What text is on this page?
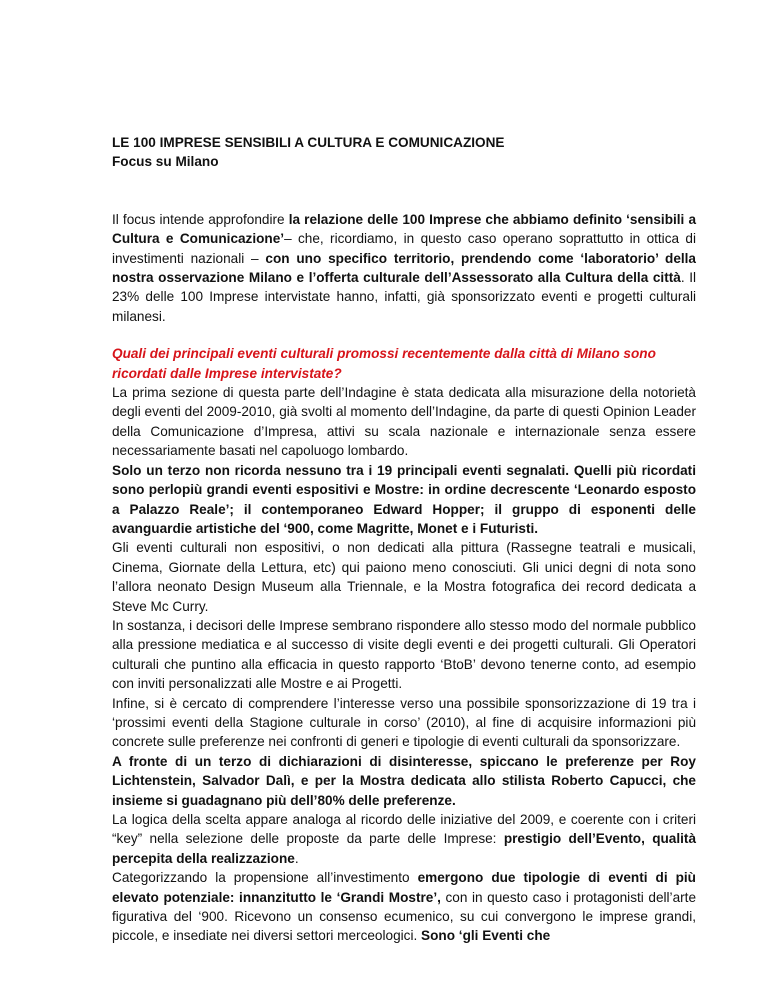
LE 100 IMPRESE SENSIBILI A CULTURA E COMUNICAZIONE
Focus su Milano

Il focus intende approfondire la relazione delle 100 Imprese che abbiamo definito ‘sensibili a Cultura e Comunicazione’– che, ricordiamo, in questo caso operano soprattutto in ottica di investimenti nazionali – con uno specifico territorio, prendendo come ‘laboratorio’ della nostra osservazione Milano e l’offerta culturale dell’Assessorato alla Cultura della città. Il 23% delle 100 Imprese intervistate hanno, infatti, già sponsorizzato eventi e progetti culturali milanesi.

Quali dei principali eventi culturali promossi recentemente dalla città di Milano sono ricordati dalle Imprese intervistate?

La prima sezione di questa parte dell’Indagine è stata dedicata alla misurazione della notorietà degli eventi del 2009-2010, già svolti al momento dell’Indagine, da parte di questi Opinion Leader della Comunicazione d’Impresa, attivi su scala nazionale e internazionale senza essere necessariamente basati nel capoluogo lombardo.

Solo un terzo non ricorda nessuno tra i 19 principali eventi segnalati. Quelli più ricordati sono perlopiù grandi eventi espositivi e Mostre: in ordine decrescente ‘Leonardo esposto a Palazzo Reale’; il contemporaneo Edward Hopper; il gruppo di esponenti delle avanguardie artistiche del ‘900, come Magritte, Monet e i Futuristi.

Gli eventi culturali non espositivi, o non dedicati alla pittura (Rassegne teatrali e musicali, Cinema, Giornate della Lettura, etc) qui paiono meno conosciuti. Gli unici degni di nota sono l’allora neonato Design Museum alla Triennale, e la Mostra fotografica dei record dedicata a Steve Mc Curry.

In sostanza, i decisori delle Imprese sembrano rispondere allo stesso modo del normale pubblico alla pressione mediatica e al successo di visite degli eventi e dei progetti culturali. Gli Operatori culturali che puntino alla efficacia in questo rapporto ‘BtoB’ devono tenerne conto, ad esempio con inviti personalizzati alle Mostre e ai Progetti.

Infine, si è cercato di comprendere l’interesse verso una possibile sponsorizzazione di 19 tra i ‘prossimi eventi della Stagione culturale in corso’ (2010), al fine di acquisire informazioni più concrete sulle preferenze nei confronti di generi e tipologie di eventi culturali da sponsorizzare.

A fronte di un terzo di dichiarazioni di disinteresse, spiccano le preferenze per Roy Lichtenstein, Salvador Dalì, e per la Mostra dedicata allo stilista Roberto Capucci, che insieme si guadagnano più dell’80% delle preferenze.

La logica della scelta appare analoga al ricordo delle iniziative del 2009, e coerente con i criteri “key” nella selezione delle proposte da parte delle Imprese: prestigio dell’Evento, qualità percepita della realizzazione.

Categorizzando la propensione all’investimento emergono due tipologie di eventi di più elevato potenziale: innanzitutto le ‘Grandi Mostre’, con in questo caso i protagonisti dell’arte figurativa del ‘900. Ricevono un consenso ecumenico, su cui convergono le imprese grandi, piccole, e insediate nei diversi settori merceologici. Sono ‘gli Eventi che
